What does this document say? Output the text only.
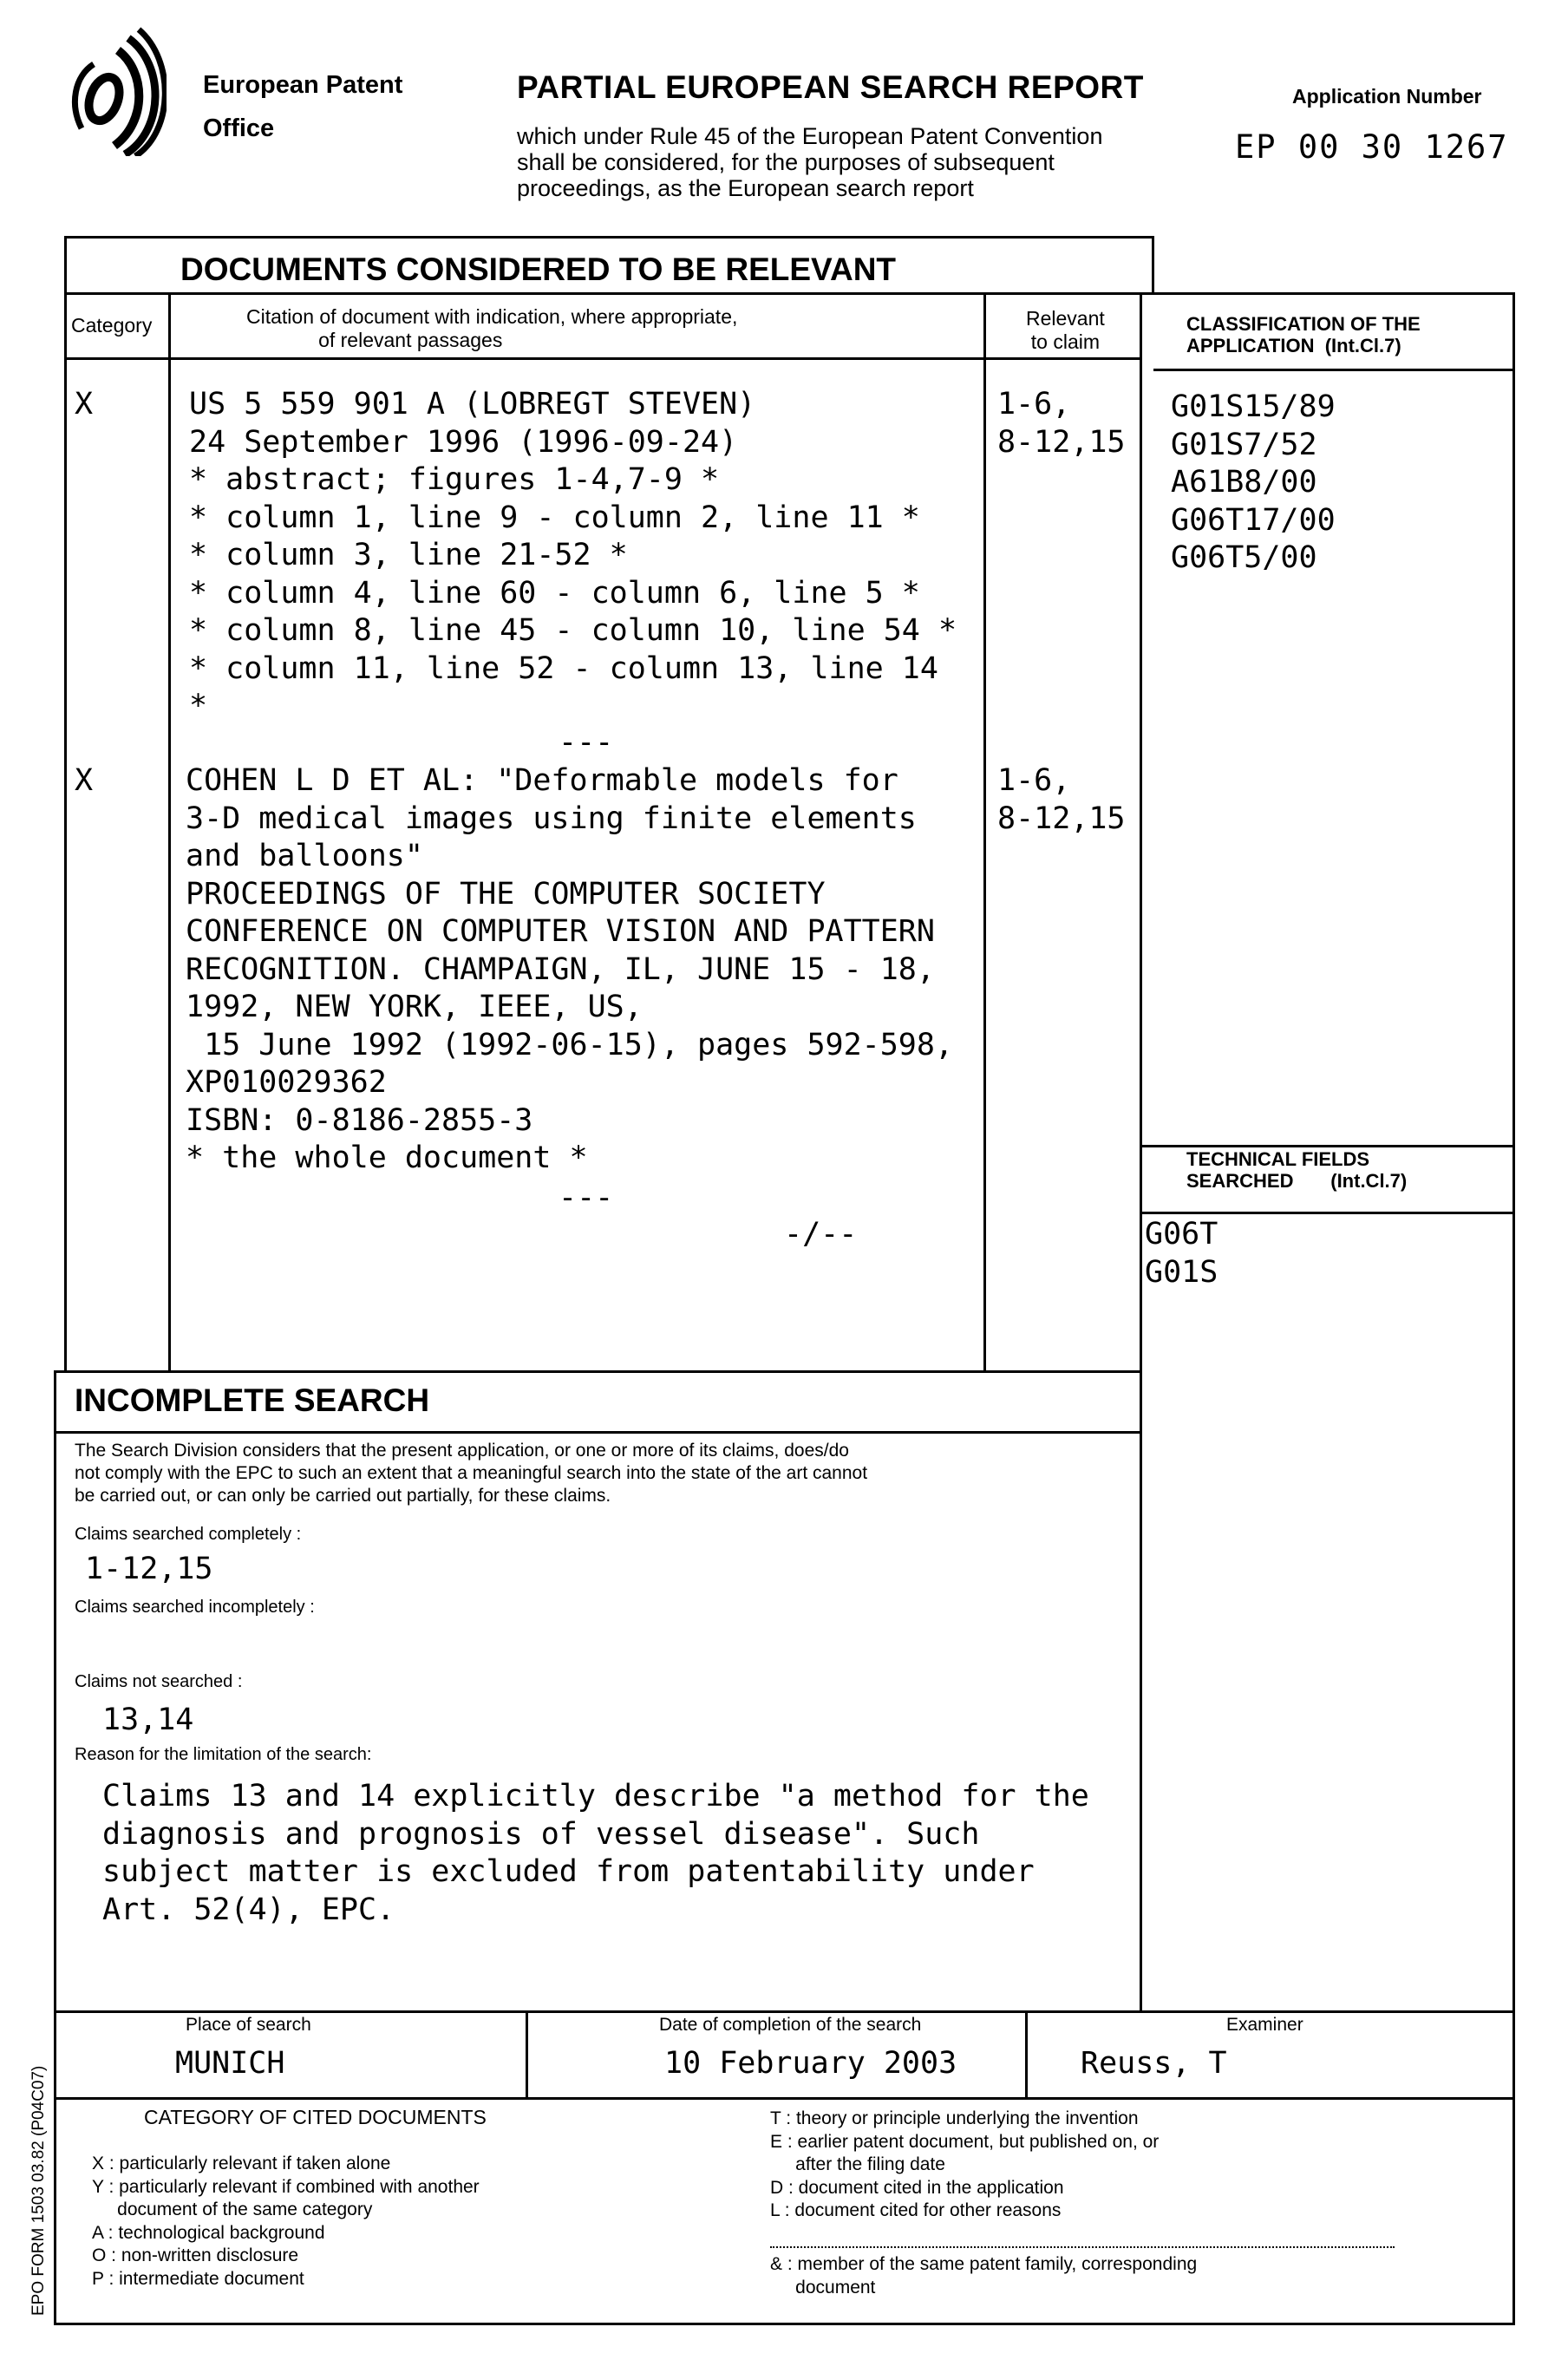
European Patent
Office
PARTIAL EUROPEAN SEARCH REPORT
which under Rule 45 of the European Patent Convention
shall be considered, for the purposes of subsequent
proceedings, as the European search report
Application Number
EP 00 30 1267
DOCUMENTS CONSIDERED TO BE RELEVANT
Category	Citation of document with indication, where appropriate,
of relevant passages
Relevant
to claim
CLASSIFICATION OF THE
APPLICATION  (Int.Cl.7)
X	US 5 559 901 A (LOBREGT STEVEN)
24 September 1996 (1996-09-24)
* abstract; figures 1-4,7-9 *
* column 1, line 9 - column 2, line 11 *
* column 3, line 21-52 *
* column 4, line 60 - column 6, line 5 *
* column 8, line 45 - column 10, line 54 *
* column 11, line 52 - column 13, line 14
*
1-6,
8-12,15
---
G01S15/89
G01S7/52
A61B8/00
G06T17/00
G06T5/00
X	COHEN L D ET AL: "Deformable models for
3-D medical images using finite elements
and balloons"
PROCEEDINGS OF THE COMPUTER SOCIETY
CONFERENCE ON COMPUTER VISION AND PATTERN
RECOGNITION. CHAMPAIGN, IL, JUNE 15 - 18,
1992, NEW YORK, IEEE, US,
15 June 1992 (1992-06-15), pages 592-598,
XP010029362
ISBN: 0-8186-2855-3
* the whole document *
1-6,
8-12,15
---
-/--
TECHNICAL FIELDS
SEARCHED       (Int.Cl.7)
G06T
G01S
INCOMPLETE SEARCH
The Search Division considers that the present application, or one or more of its claims, does/do
not comply with the EPC to such an extent that a meaningful search into the state of the art cannot
be carried out, or can only be carried out partially, for these claims.
Claims searched completely :
1-12,15
Claims searched incompletely :
Claims not searched :
13,14
Reason for the limitation of the search:
Claims 13 and 14 explicitly describe "a method for the
diagnosis and prognosis of vessel disease". Such
subject matter is excluded from patentability under
Art. 52(4), EPC.
Place of search
MUNICH
Date of completion of the search
10 February 2003
Examiner
Reuss, T
CATEGORY OF CITED DOCUMENTS
X : particularly relevant if taken alone
Y : particularly relevant if combined with another
document of the same category
A : technological background
O : non-written disclosure
P : intermediate document
T : theory or principle underlying the invention
E : earlier patent document, but published on, or
after the filing date
D : document cited in the application
L : document cited for other reasons
& : member of the same patent family, corresponding
document
EPO FORM 1503 03.82 (P04C07)
